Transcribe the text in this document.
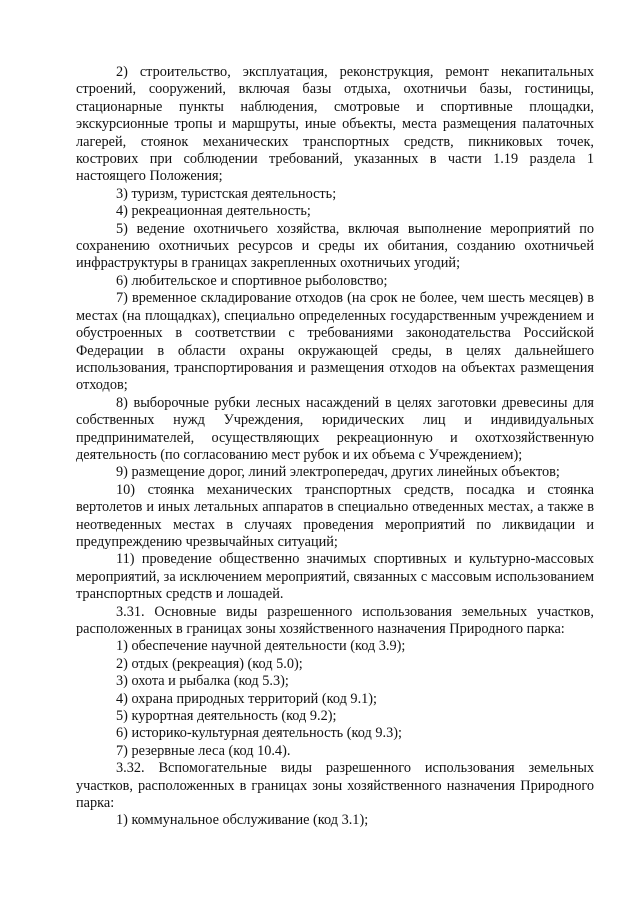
2) строительство, эксплуатация, реконструкция, ремонт некапитальных строений, сооружений, включая базы отдыха, охотничьи базы, гостиницы, стационарные пункты наблюдения, смотровые и спортивные площадки, экскурсионные тропы и маршруты, иные объекты, места размещения палаточных лагерей, стоянок механических транспортных средств, пикниковых точек, кострових при соблюдении требований, указанных в части 1.19 раздела 1 настоящего Положения;

3) туризм, туристская деятельность;

4) рекреационная деятельность;

5) ведение охотничьего хозяйства, включая выполнение мероприятий по сохранению охотничьих ресурсов и среды их обитания, созданию охотничьей инфраструктуры в границах закрепленных охотничьих угодий;

6) любительское и спортивное рыболовство;

7) временное складирование отходов (на срок не более, чем шесть месяцев) в местах (на площадках), специально определенных государственным учреждением и обустроенных в соответствии с требованиями законодательства Российской Федерации в области охраны окружающей среды, в целях дальнейшего использования, транспортирования и размещения отходов на объектах размещения отходов;

8) выборочные рубки лесных насаждений в целях заготовки древесины для собственных нужд Учреждения, юридических лиц и индивидуальных предпринимателей, осуществляющих рекреационную и охотхозяйственную деятельность (по согласованию мест рубок и их объема с Учреждением);

9) размещение дорог, линий электропередач, других линейных объектов;

10) стоянка механических транспортных средств, посадка и стоянка вертолетов и иных летальных аппаратов в специально отведенных местах, а также в неотведенных местах в случаях проведения мероприятий по ликвидации и предупреждению чрезвычайных ситуаций;

11) проведение общественно значимых спортивных и культурно-массовых мероприятий, за исключением мероприятий, связанных с массовым использованием транспортных средств и лошадей.

3.31. Основные виды разрешенного использования земельных участков, расположенных в границах зоны хозяйственного назначения Природного парка:

1) обеспечение научной деятельности (код 3.9);

2) отдых (рекреация) (код 5.0);

3) охота и рыбалка (код 5.3);

4) охрана природных территорий (код 9.1);

5) курортная деятельность (код 9.2);

6) историко-культурная деятельность (код 9.3);

7) резервные леса (код 10.4).

3.32. Вспомогательные виды разрешенного использования земельных участков, расположенных в границах зоны хозяйственного назначения Природного парка:

1) коммунальное обслуживание (код 3.1);
